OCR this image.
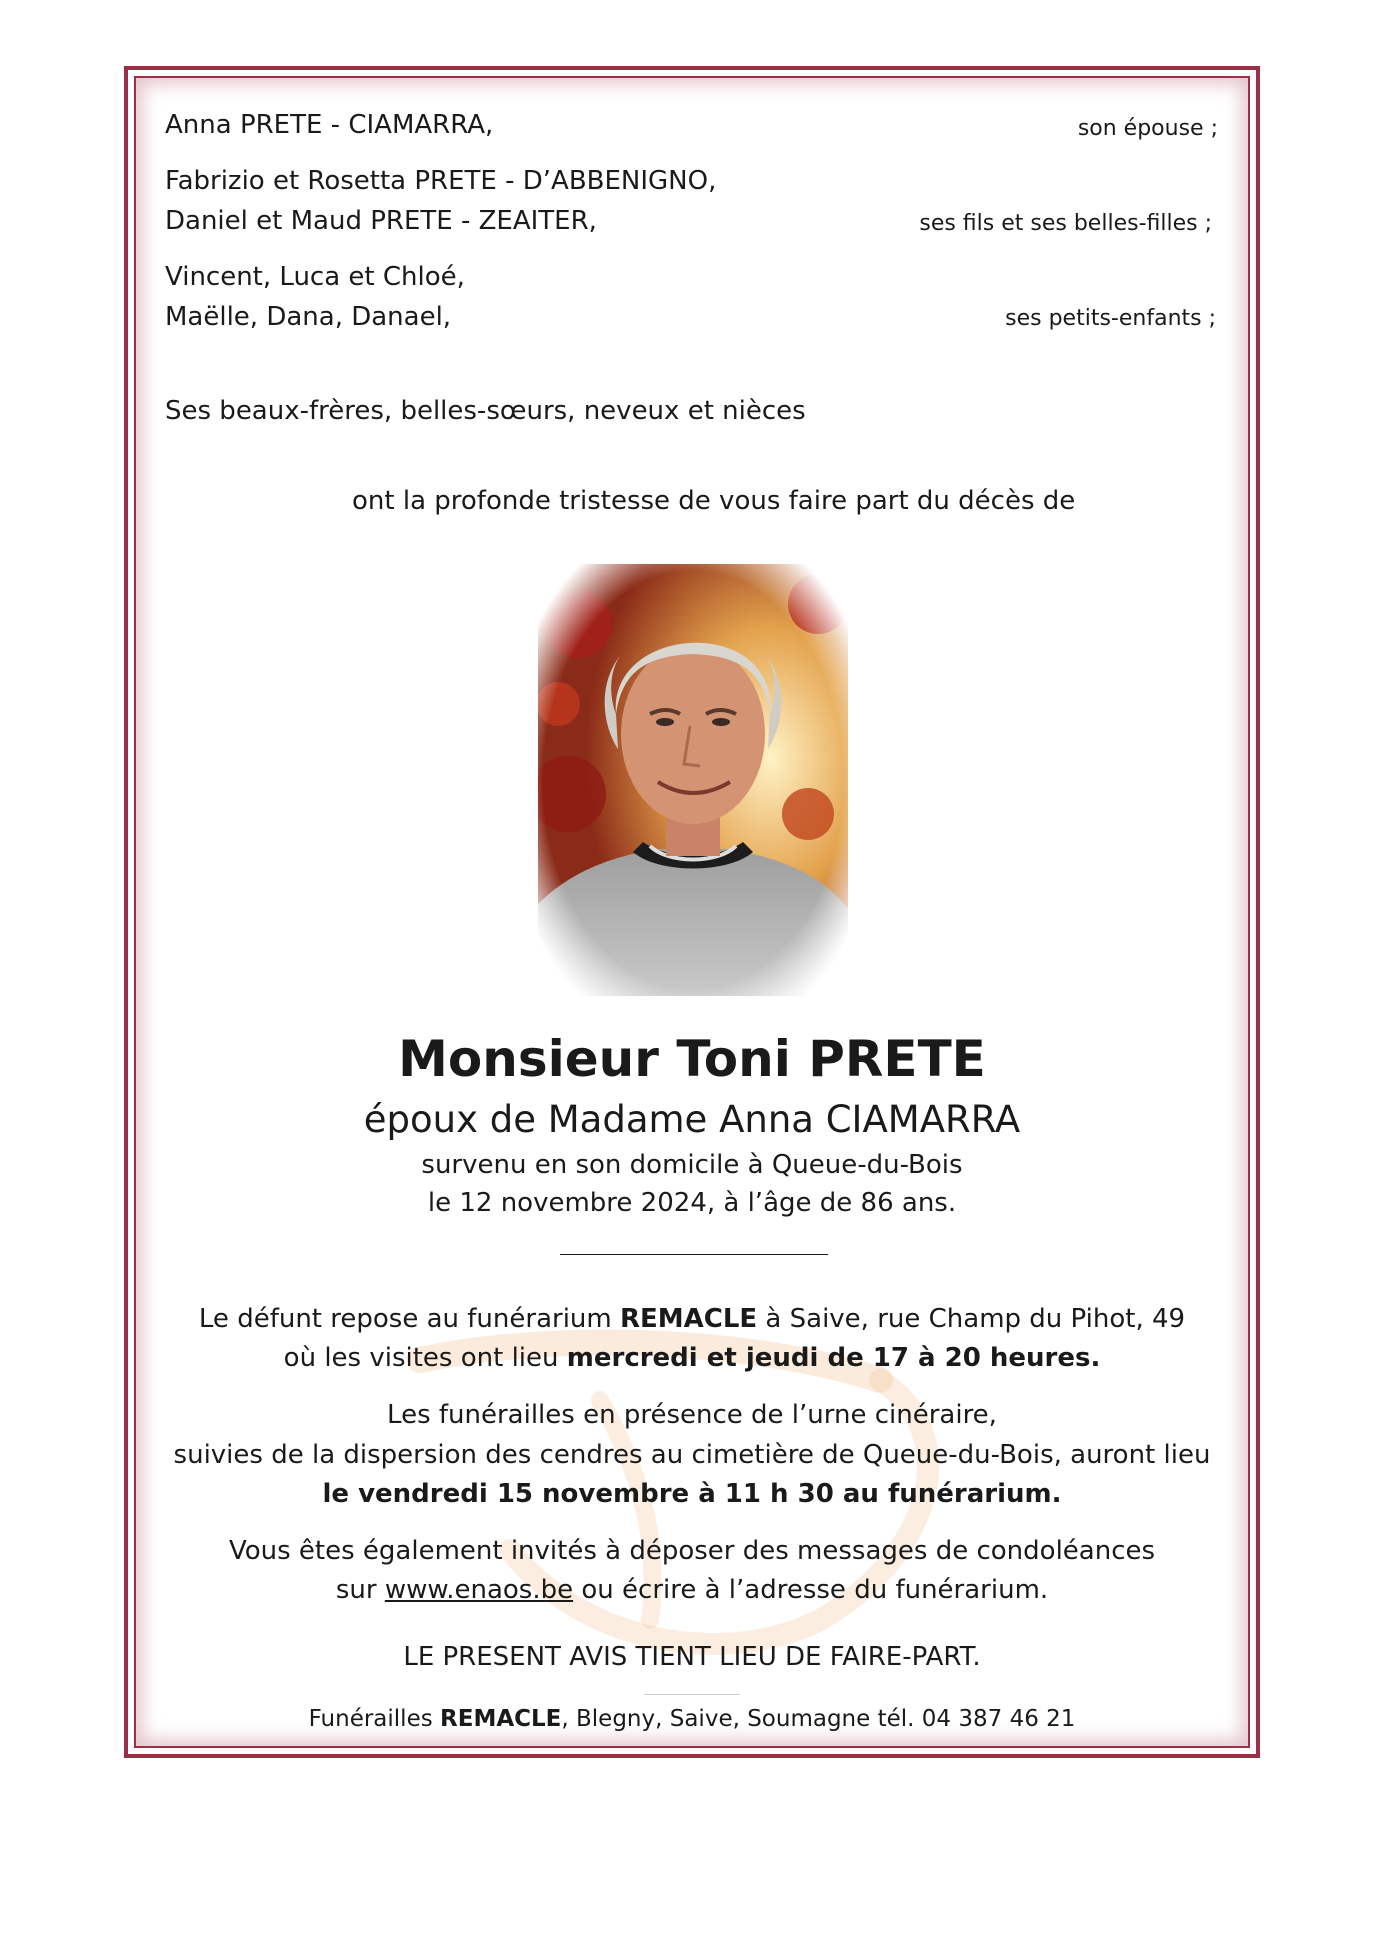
Anna PRETE - CIAMARRA,	son épouse ;
Fabrizio et Rosetta PRETE - D’ABBENIGNO,
Daniel et Maud PRETE - ZEAITER,	ses fils et ses belles-filles ;
Vincent, Luca et Chloé,
Maëlle, Dana, Danael,	ses petits-enfants ;
Ses beaux-frères, belles-sœurs, neveux et nièces
ont la profonde tristesse de vous faire part du décès de
Monsieur Toni PRETE
époux de Madame Anna CIAMARRA
survenu en son domicile à Queue-du-Bois
le 12 novembre 2024, à l’âge de 86 ans.
Le défunt repose au funérarium REMACLE à Saive, rue Champ du Pihot, 49
où les visites ont lieu mercredi et jeudi de 17 à 20 heures.
Les funérailles en présence de l’urne cinéraire,
suivies de la dispersion des cendres au cimetière de Queue-du-Bois, auront lieu
le vendredi 15 novembre à 11 h 30 au funérarium.
Vous êtes également invités à déposer des messages de condoléances
sur www.enaos.be ou écrire à l’adresse du funérarium.
LE PRESENT AVIS TIENT LIEU DE FAIRE-PART.
Funérailles REMACLE, Blegny, Saive, Soumagne tél. 04 387 46 21
